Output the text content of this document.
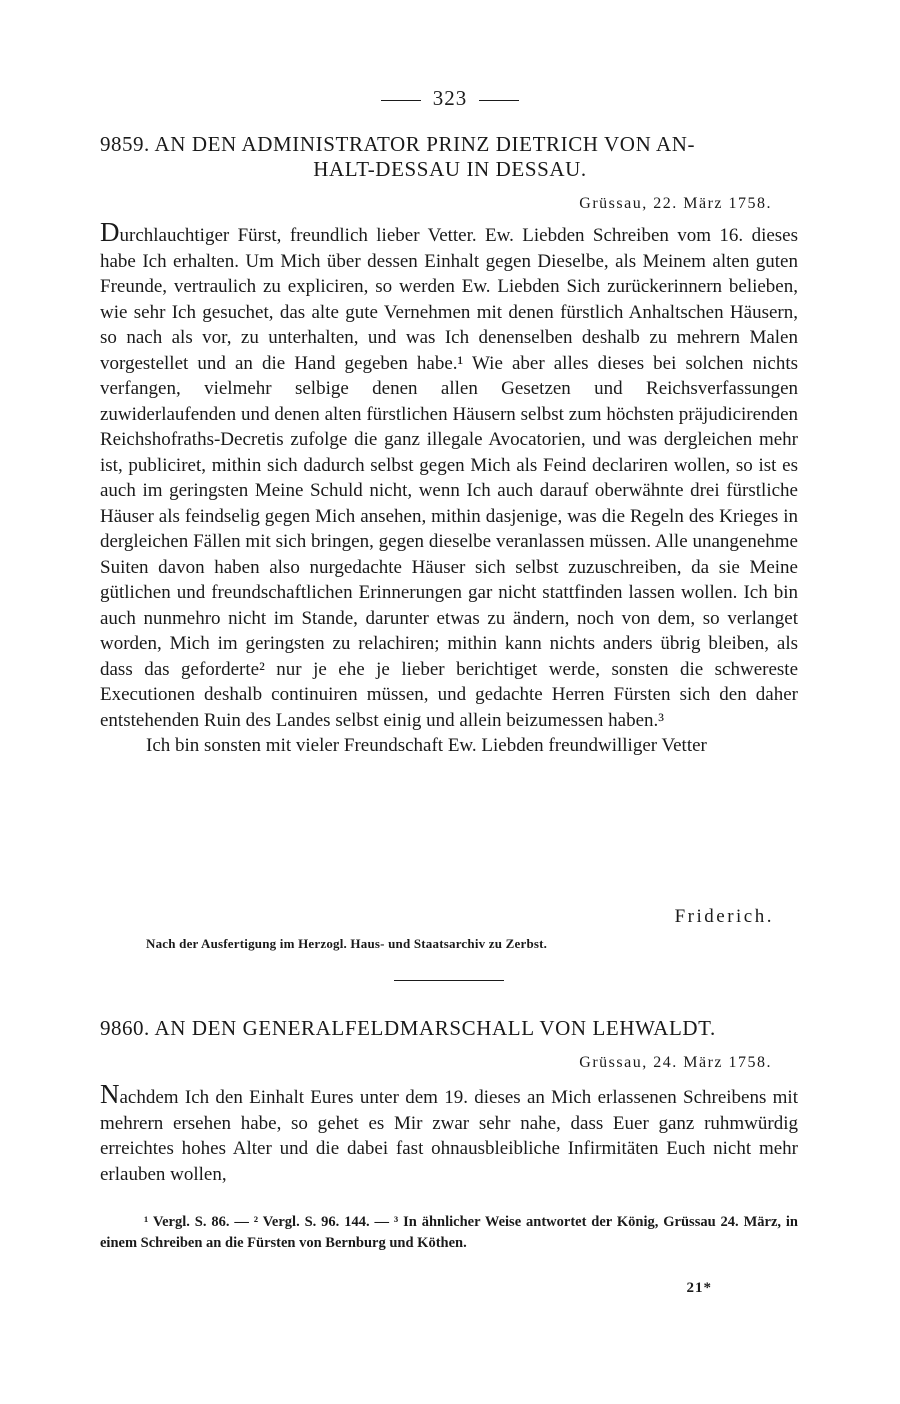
323
9859. AN DEN ADMINISTRATOR PRINZ DIETRICH VON AN-
HALT-DESSAU IN DESSAU.
Grüssau, 22. März 1758.

Durchlauchtiger Fürst, freundlich lieber Vetter. Ew. Liebden Schreiben vom 16. dieses habe Ich erhalten. Um Mich über dessen Einhalt gegen Dieselbe, als Meinem alten guten Freunde, vertraulich zu expliciren, so werden Ew. Liebden Sich zurückerinnern belieben, wie sehr Ich gesuchet, das alte gute Vernehmen mit denen fürstlich Anhaltschen Häusern, so nach als vor, zu unterhalten, und was Ich denenselben deshalb zu mehrern Malen vorgestellet und an die Hand gegeben habe.¹ Wie aber alles dieses bei solchen nichts verfangen, vielmehr selbige denen allen Gesetzen und Reichsverfassungen zuwiderlaufenden und denen alten fürstlichen Häusern selbst zum höchsten präjudicirenden Reichshofraths-Decretis zufolge die ganz illegale Avocatorien, und was dergleichen mehr ist, publiciret, mithin sich dadurch selbst gegen Mich als Feind declariren wollen, so ist es auch im geringsten Meine Schuld nicht, wenn Ich auch darauf oberwähnte drei fürstliche Häuser als feindselig gegen Mich ansehen, mithin dasjenige, was die Regeln des Krieges in dergleichen Fällen mit sich bringen, gegen dieselbe veranlassen müssen. Alle unangenehme Suiten davon haben also nurgedachte Häuser sich selbst zuzuschreiben, da sie Meine gütlichen und freundschaftlichen Erinnerungen gar nicht stattfinden lassen wollen. Ich bin auch nunmehro nicht im Stande, darunter etwas zu ändern, noch von dem, so verlanget worden, Mich im geringsten zu relachiren; mithin kann nichts anders übrig bleiben, als dass das geforderte² nur je ehe je lieber berichtiget werde, sonsten die schwereste Executionen deshalb continuiren müssen, und gedachte Herren Fürsten sich den daher entstehenden Ruin des Landes selbst einig und allein beizumessen haben.³

Ich bin sonsten mit vieler Freundschaft Ew. Liebden freundwilliger Vetter

Friderich.
Nach der Ausfertigung im Herzogl. Haus- und Staatsarchiv zu Zerbst.
9860. AN DEN GENERALFELDMARSCHALL VON LEHWALDT.
Grüssau, 24. März 1758.

Nachdem Ich den Einhalt Eures unter dem 19. dieses an Mich erlassenen Schreibens mit mehrern ersehen habe, so gehet es Mir zwar sehr nahe, dass Euer ganz ruhmwürdig erreichtes hohes Alter und die dabei fast ohnausbleibliche Infirmitäten Euch nicht mehr erlauben wollen,

¹ Vergl. S. 86. — ² Vergl. S. 96. 144. — ³ In ähnlicher Weise antwortet der König, Grüssau 24. März, in einem Schreiben an die Fürsten von Bernburg und Köthen.
21*
